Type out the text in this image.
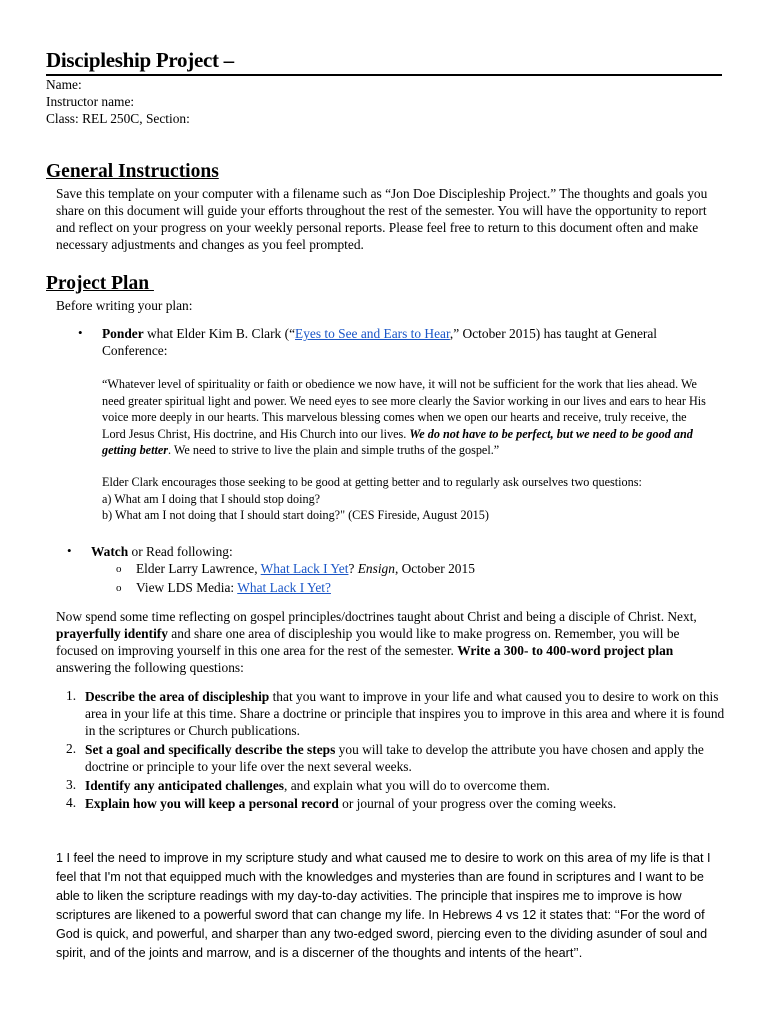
Discipleship Project –
Name:
Instructor name:
Class: REL 250C, Section:
General Instructions

Save this template on your computer with a filename such as “Jon Doe Discipleship Project.” The thoughts and goals you share on this document will guide your efforts throughout the rest of the semester. You will have the opportunity to report and reflect on your progress on your weekly personal reports. Please feel free to return to this document often and make necessary adjustments and changes as you feel prompted.

Project Plan

Before writing your plan:

• Ponder what Elder Kim B. Clark (“Eyes to See and Ears to Hear,” October 2015) has taught at General Conference:

“Whatever level of spirituality or faith or obedience we now have, it will not be sufficient for the work that lies ahead. We need greater spiritual light and power. We need eyes to see more clearly the Savior working in our lives and ears to hear His voice more deeply in our hearts. This marvelous blessing comes when we open our hearts and receive, truly receive, the Lord Jesus Christ, His doctrine, and His Church into our lives. We do not have to be perfect, but we need to be good and getting better. We need to strive to live the plain and simple truths of the gospel.”

Elder Clark encourages those seeking to be good at getting better and to regularly ask ourselves two questions:
a) What am I doing that I should stop doing?
b) What am I not doing that I should start doing?" (CES Fireside, August 2015)
• Watch or Read following:

o Elder Larry Lawrence, What Lack I Yet? Ensign, October 2015

o View LDS Media: What Lack I Yet?

Now spend some time reflecting on gospel principles/doctrines taught about Christ and being a disciple of Christ. Next, prayerfully identify and share one area of discipleship you would like to make progress on. Remember, you will be focused on improving yourself in this one area for the rest of the semester. Write a 300- to 400-word project plan answering the following questions:

1. Describe the area of discipleship that you want to improve in your life and what caused you to desire to work on this area in your life at this time. Share a doctrine or principle that inspires you to improve in this area and where it is found in the scriptures or Church publications.

2. Set a goal and specifically describe the steps you will take to develop the attribute you have chosen and apply the doctrine or principle to your life over the next several weeks.

3. Identify any anticipated challenges, and explain what you will do to overcome them.

4. Explain how you will keep a personal record or journal of your progress over the coming weeks.

1 I feel the need to improve in my scripture study and what caused me to desire to work on this area of my life is that I feel that I'm not that equipped much with the knowledges and mysteries than are found in scriptures and I want to be able to liken the scripture readings with my day-to-day activities. The principle that inspires me to improve is how scriptures are likened to a powerful sword that can change my life. In Hebrews 4 vs 12 it states that: ‘‘For the word of God is quick, and powerful, and sharper than any two-edged sword, piercing even to the dividing asunder of soul and spirit, and of the joints and marrow, and is a discerner of the thoughts and intents of the heart’’.
